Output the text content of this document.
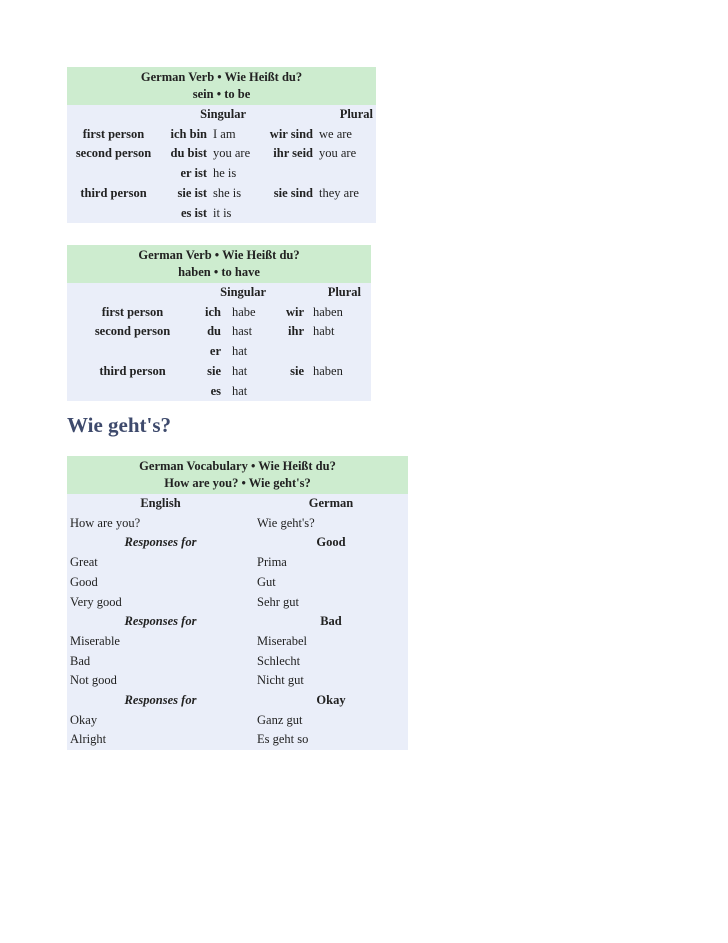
German Verb • Wie Heißt du?
sein • to be				

	Singular		Plural	
first person	ich bin	I am	wir sind	we are
second person	du bist	you are	ihr seid	you are
	er ist	he is		
third person	sie ist	she is	sie sind	they are
	es ist	it is		
German Verb • Wie Heißt du?
haben • to have				

	Singular		Plural	
first person	ich	habe	wir	haben
second person	du	hast	ihr	habt
	er	hat		
third person	sie	hat	sie	haben
	es	hat		
Wie geht's?
German Vocabulary • Wie Heißt du?
How are you? • Wie geht's?	

English	German
How are you?	Wie geht's?
Responses for	Good
Great	Prima
Good	Gut
Very good	Sehr gut
Responses for	Bad
Miserable	Miserabel
Bad	Schlecht
Not good	Nicht gut
Responses for	Okay
Okay	Ganz gut
Alright	Es geht so
